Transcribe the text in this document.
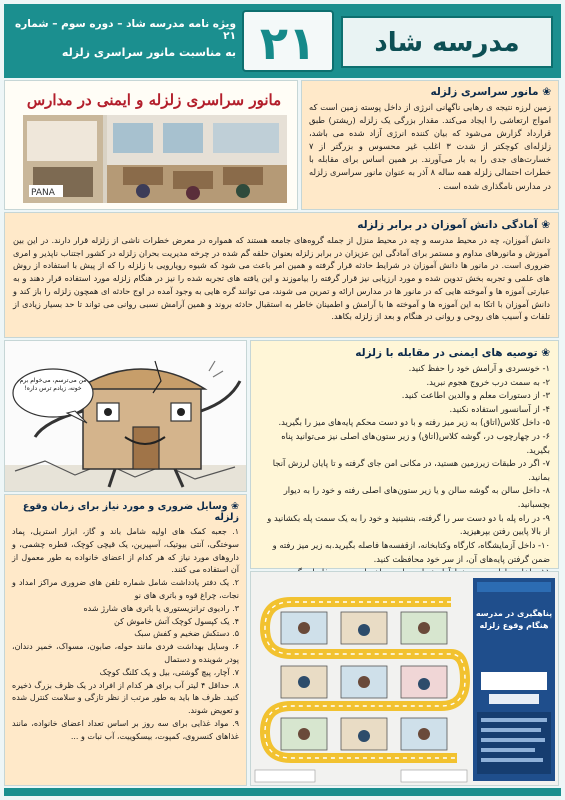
مدرسه شاد
۲۱
ویژه نامه مدرسه شاد – دوره سوم – شماره ۲۱
به مناسبت مانور سراسری زلزله
❀ مانور سراسری زلزله
زمین لرزه نتیجه ی رهایی ناگهانی انرژی از داخل پوسته زمین است که امواج ارتعاشی را ایجاد می‌کند. مقدار بزرگی یک زلزله (ریشتر) طبق قرارداد گزارش می‌شود که بیان کننده انرژی آزاد شده می باشد، زلزله‌ای کوچکتر از شدت ۳ اغلب غیر محسوس و بزرگتر از ۷ خسارت‌های جدی را به بار می‌آورند. بر همین اساس برای مقابله با خطرات احتمالی زلزله همه ساله ۸ آذر به عنوان مانور سراسری زلزله در مدارس نامگذاری شده است .
مانور سراسری زلزله و ایمنی در مدارس
PANA
❀ آمادگی دانش آموزان در برابر زلزله
دانش آموزان، چه در محیط مدرسه و چه در محیط منزل از جمله گروه‌های جامعه هستند که همواره در معرض خطرات ناشی از زلزله قرار دارند. در این بین آموزش و مانورهای مداوم و مستمر برای آمادگی این عزیزان در برابر زلزله بعنوان حلقه گم شده در چرخه مدیریت بحران زلزله در کشور اجتناب ناپذیر و امری ضروری است. در مانور ها دانش آموزان در شرایط حادثه قرار گرفته و همین امر باعث می شود که شیوه رویارویی با زلزله را که از پیش با استفاده از روش های علمی و تجربه بخش تدوین شده و مورد ارزیابی نیز قرار گرفته را بیاموزند و این یافته های تجربه شده را نیز در هنگام زلزله مورد استفاده قرار دهند و به عبارتی آموزه ها و آموخته هایی که در مانور ها در مدارس ارائه و تمرین می شوند، می توانند گره هایی به وجود آمده در اوج حادثه ای همچون زلزله را باز کند و دانش آموزان با اتکا به این آموزه ها و آموخته ها با آرامش و اطمینان خاطر به استقبال حادثه بروند و همین آرامش نسبی روانی می تواند تا حد بسیار زیادی از تلفات و آسیب های روحی و روانی در هنگام و بعد از زلزله بکاهد.
من می‌ترسم، می‌خوام برم خونه، زیادم ترس داره!
❀ توصیه های ایمنی در مقابله با زلزله
۱- خونسردی و آرامش خود را حفظ کنید.
۲- به سمت درب خروج هجوم نبرید.
۳- از دستورات معلم و والدین اطاعت کنید.
۴- از آسانسور استفاده نکنید.
۵- داخل کلاس(اتاق) به زیر میز رفته و با دو دست محکم پایه‌های میز را بگیرید.
۶- در چهارچوب در، گوشه کلاس(اتاق) و زیر ستون‌های اصلی نیز می‌توانید پناه بگیرید.
۷- اگر در طبقات زیرزمین هستید، در مکانی امن جای گرفته و تا پایان لرزش آنجا بمانید.
۸- داخل سالن به گوشه سالن و یا زیر ستون‌های اصلی رفته و خود را به دیوار بچسبانید.
۹- در راه پله با دو دست سر را گرفته، بنشینید و خود را به یک سمت پله بکشانید و از بالا پایین رفتن بپرهیزید.
۱۰- داخل آزمایشگاه، کارگاه وکتابخانه، ازقفسه‌ها فاصله بگیرید.به زیر میز رفته و ضمن گرفتن پایه‌های آن، از سر خود محافظت کنید.
❀ وسایل ضروری و مورد نیاز برای زمان وقوع زلزله
۱. جعبه کمک های اولیه شامل باند و گاز، ابزار استریل، پماد سوختگی، آنتی بیوتیک، آسپیرین، یک قیچی کوچک، قطره چشمی، و داروهای مورد نیاز که هر کدام از اعضای خانواده به طور معمول از آن استفاده می کنند.
۲. یک دفتر یادداشت شامل شماره تلفن های ضروری مراکز امداد و نجات، چراغ قوه و باتری های نو
۳. رادیوی ترانزیستوری یا باتری های شارژ شده
۴. یک کپسول کوچک آتش خاموش کن
۵. دستکش ضخیم و کفش سبک
۶. وسایل بهداشت فردی مانند حوله، صابون، مسواک، خمیر دندان، پودر شوینده و دستمال
۷. آچار، پیچ گوشتی، بیل و یک کلنگ کوچک
۸. حداقل ۴ لیتر آب برای هر کدام از افراد در یک ظرف بزرگ ذخیره کنید. ظرف ها باید به طور مرتب از نظر تازگی و سلامت کنترل شده و تعویض شوند.
۹. مواد غذایی برای سه روز بر اساس تعداد اعضای خانواده، مانند غذاهای کنسروی، کمپوت، بیسکوییت، آب نبات و ...
پناهگیری در مدرسه
هنگام وقوع زلزله
